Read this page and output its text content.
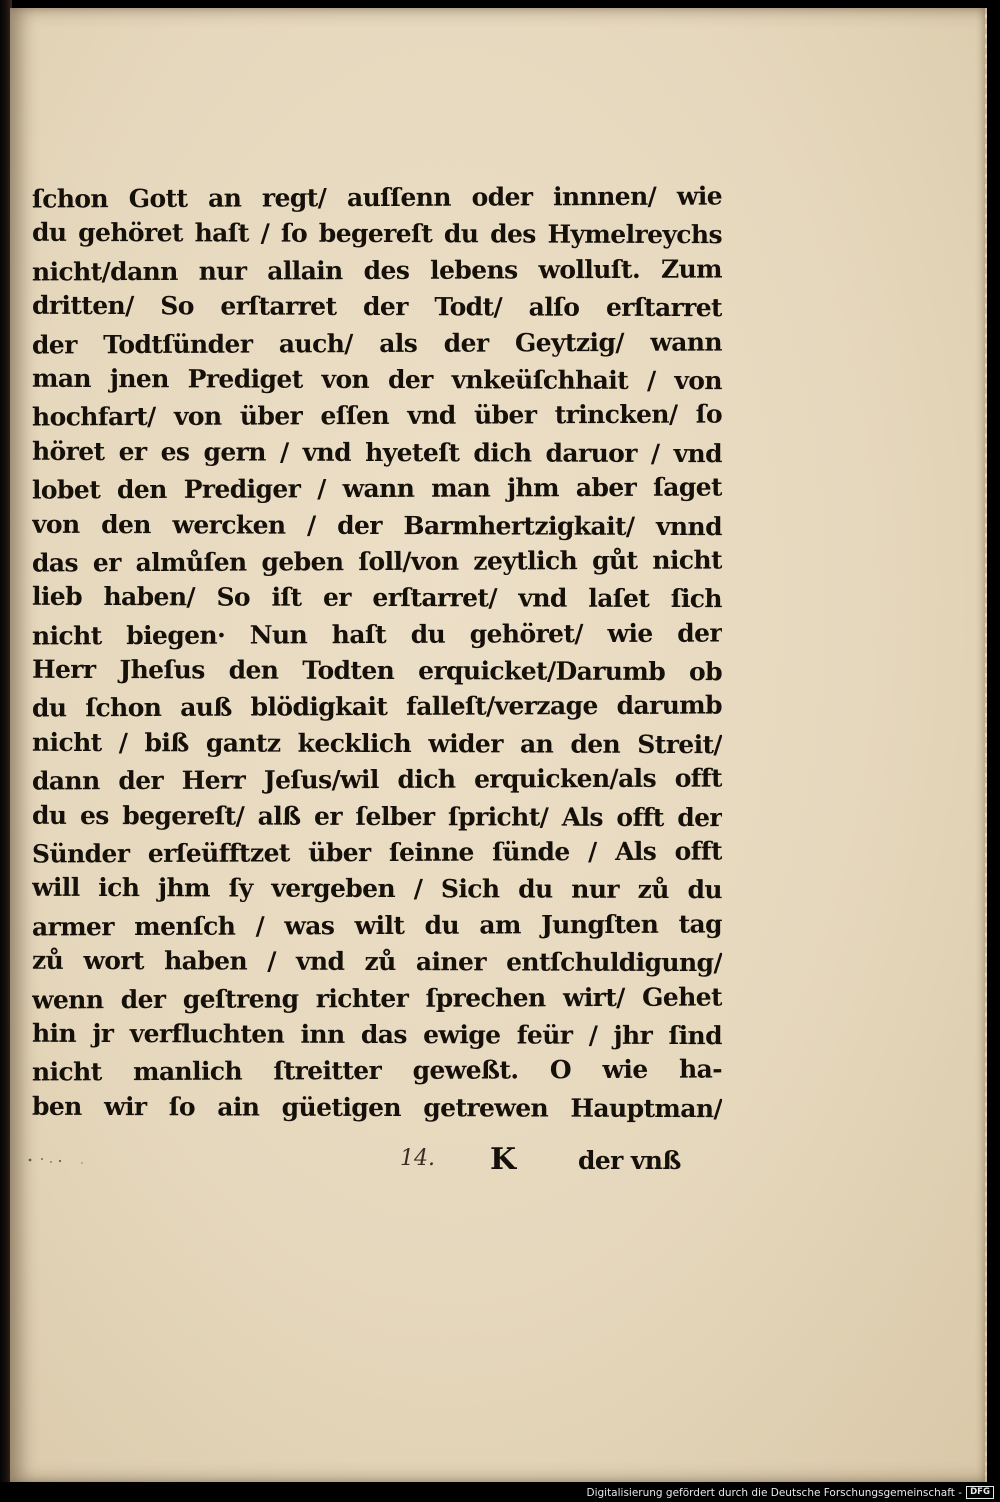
ſchon Gott an regt/ auſſenn oder innnen/ wie
du gehöret haſt / ſo begereſt du des Hymelreychs
nicht/dann nur allain des lebens wolluſt. Zum
dritten/ So erſtarret der Todt/ alſo erſtarret
der Todtſünder auch/ als der Geytzig/ wann
man jnen Prediget von der vnkeüſchhait / von
hochfart/ von über eſſen vnd über trincken/ ſo
höret er es gern / vnd hyeteſt dich daruor / vnd
lobet den Prediger / wann man jhm aber ſaget
von den wercken / der Barmhertzigkait/ vnnd
das er almůſen geben ſoll/von zeytlich gůt nicht
lieb haben/ So iſt er erſtarret/ vnd laſet ſich
nicht biegen· Nun haſt du gehöret/ wie der
Herr Jheſus den Todten erquicket/Darumb ob
du ſchon auß blödigkait falleſt/verzage darumb
nicht / biß gantz kecklich wider an den Streit/
dann der Herr Jeſus/wil dich erquicken/als offt
du es begereſt/ alß er ſelber ſpricht/ Als offt der
Sünder erſeüfftzet über ſeinne ſünde / Als offt
will ich jhm ſy vergeben / Sich du nur zů du
armer menſch / was wilt du am Jungſten tag
zů wort haben / vnd zů ainer entſchuldigung/
wenn der geſtreng richter ſprechen wirt/ Gehet
hin jr verfluchten inn das ewige feür / jhr ſind
nicht manlich ſtreitter geweßt. O wie ha-
ben wir ſo ain güetigen getrewen Hauptman/
14. K der vnß
Digitalisierung gefördert durch die Deutsche Forschungsgemeinschaft - DFG
